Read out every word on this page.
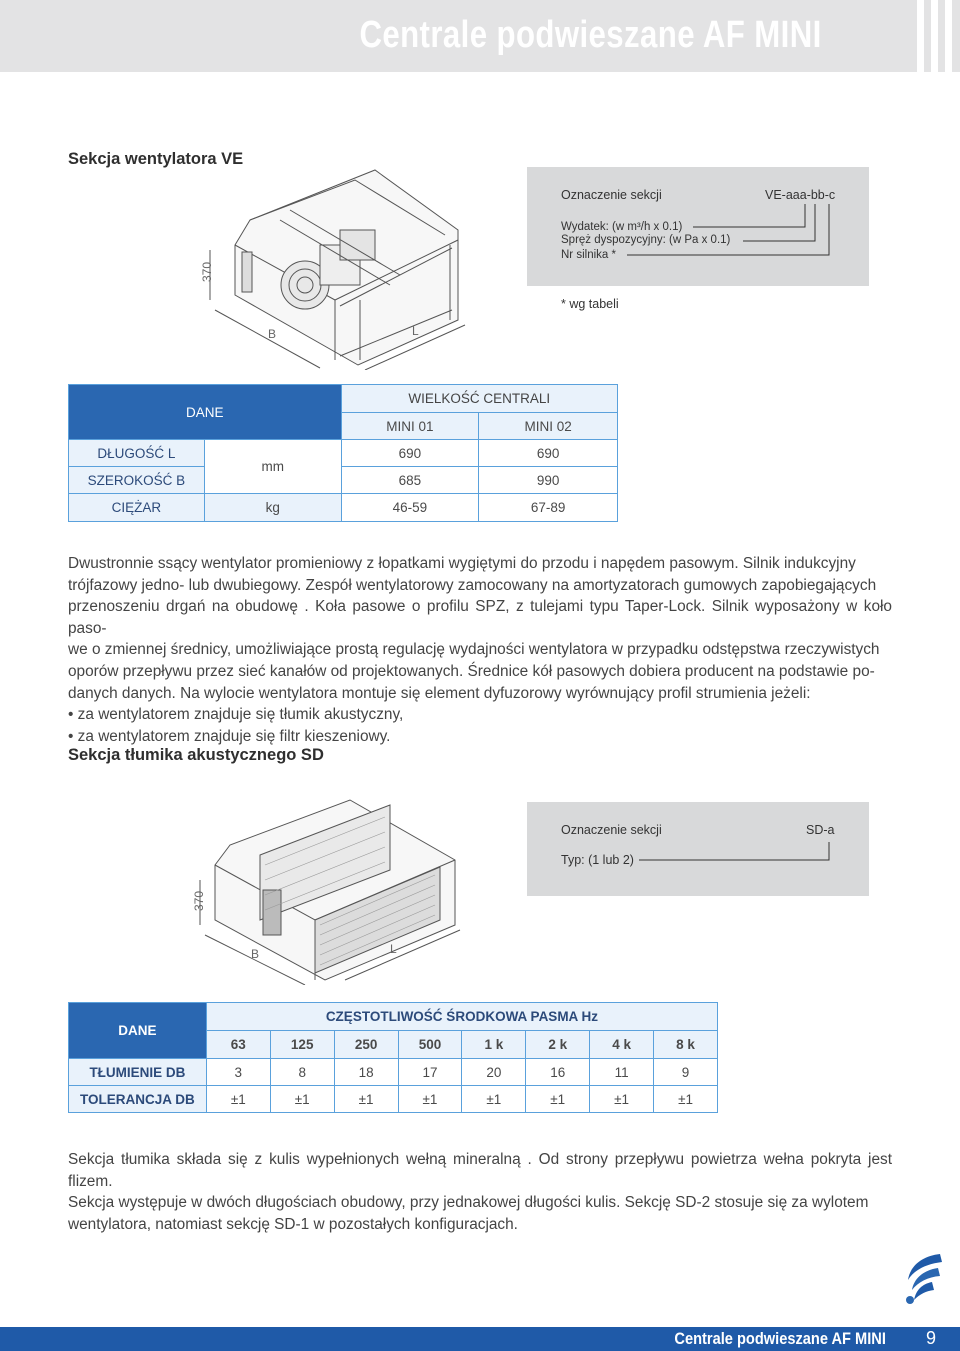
Centrale podwieszane AF MINI
Sekcja wentylatora VE
370
B	L
Oznaczenie sekcji	VE-aaa-bb-c
Wydatek: (w m³/h x 0.1)
Spręż dyspozycyjny: (w Pa x 0.1)
Nr silnika *
* wg tabeli
DANE		WIELKOŚĆ CENTRALI	
		MINI 01	MINI 02
DŁUGOŚĆ L	mm	690	690
SZEROKOŚĆ B		685	990
CIĘŻAR	kg	46-59	67-89

Dwustronnie ssący wentylator promieniowy z łopatkami wygiętymi do przodu i napędem pasowym. Silnik indukcyjny

trójfazowy jedno- lub dwubiegowy. Zespół wentylatorowy zamocowany na amortyzatorach gumowych zapobiegających

przenoszeniu drgań na obudowę . Koła pasowe o profilu SPZ, z tulejami typu Taper-Lock. Silnik wyposażony w koło paso-

we o zmiennej średnicy, umożliwiające prostą regulację wydajności wentylatora w przypadku odstępstwa rzeczywistych

oporów przepływu przez sieć kanałów od projektowanych. Średnice kół pasowych dobiera producent na podstawie po-

danych danych. Na wylocie wentylatora montuje się element dyfuzorowy wyrównujący profil strumienia jeżeli:

• za wentylatorem znajduje się tłumik akustyczny,

• za wentylatorem znajduje się filtr kieszeniowy.

Sekcja tłumika akustycznego SD
370
B	L
Oznaczenie sekcji	SD-a
Typ: (1 lub 2)
DANE	CZĘSTOTLIWOŚĆ ŚRODKOWA PASMA Hz							
	63	125	250	500	1 k	2 k	4 k	8 k
TŁUMIENIE DB	3	8	18	17	20	16	11	9
TOLERANCJA DB	±1	±1	±1	±1	±1	±1	±1	±1

Sekcja tłumika składa się z kulis wypełnionych wełną mineralną . Od strony przepływu powietrza wełna pokryta jest flizem.

Sekcja występuje w dwóch długościach obudowy, przy jednakowej długości kulis. Sekcję SD-2 stosuje się za wylotem

wentylatora, natomiast sekcję SD-1 w pozostałych konfiguracjach.

Centrale podwieszane AF MINI 9
